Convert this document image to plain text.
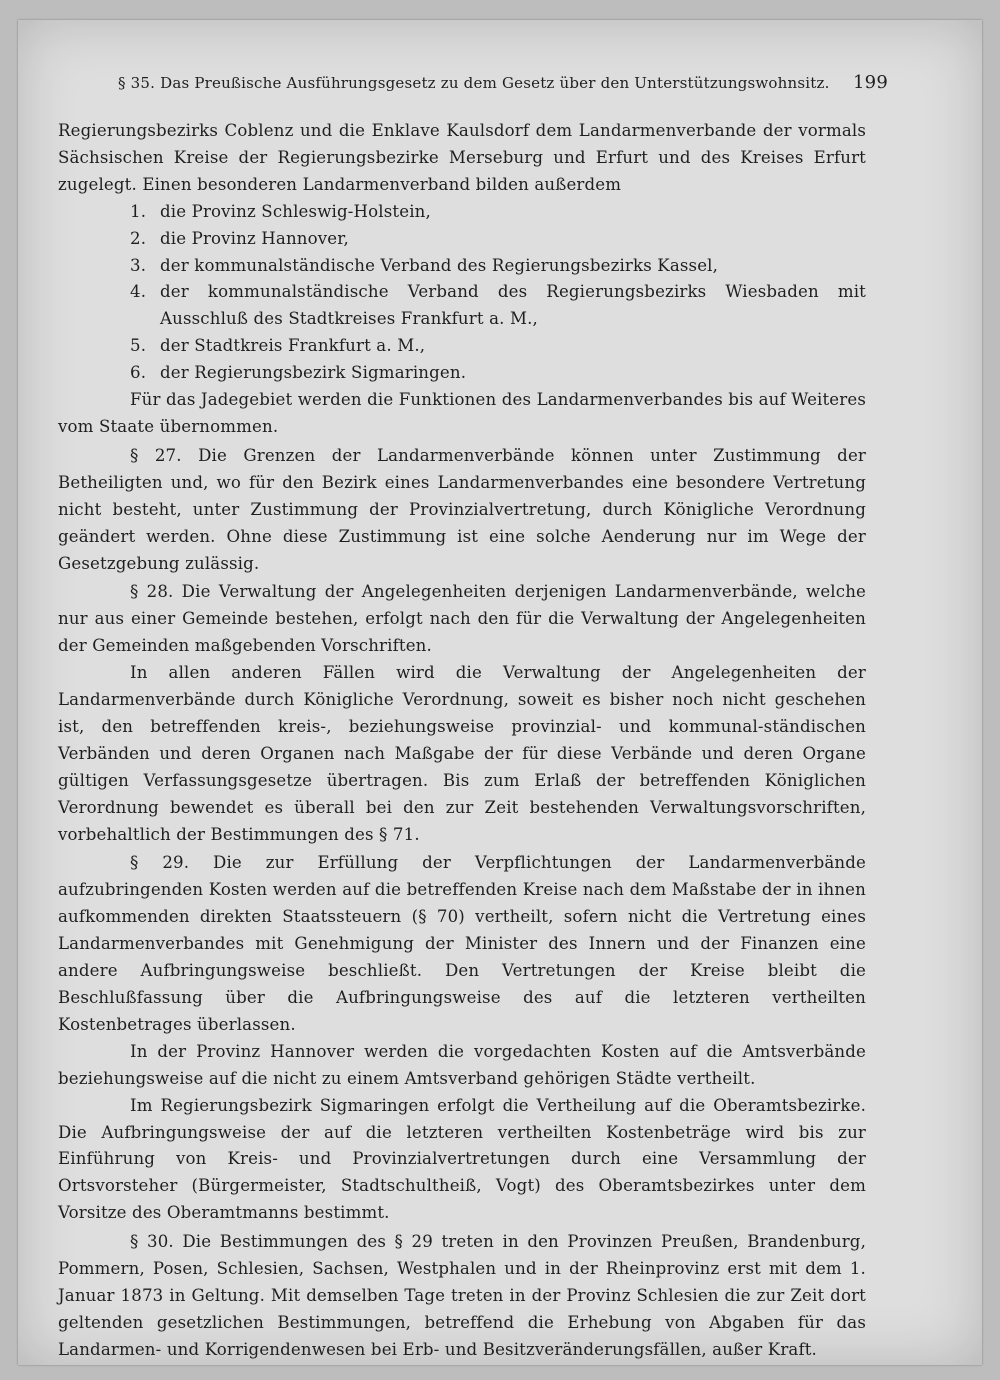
§ 35. Das Preußische Ausführungsgesetz zu dem Gesetz über den Unterstützungswohnsitz. 199

Regierungsbezirks Coblenz und die Enklave Kaulsdorf dem Landarmenverbande der vormals Sächsischen Kreise der Regierungsbezirke Merseburg und Erfurt und des Kreises Erfurt zugelegt. Einen besonderen Landarmenverband bilden außerdem

1. die Provinz Schleswig-Holstein,
2. die Provinz Hannover,
3. der kommunalständische Verband des Regierungsbezirks Kassel,
4. der kommunalständische Verband des Regierungsbezirks Wiesbaden mit Ausschluß des Stadtkreises Frankfurt a. M.,
5. der Stadtkreis Frankfurt a. M.,
6. der Regierungsbezirk Sigmaringen.

Für das Jadegebiet werden die Funktionen des Landarmenverbandes bis auf Weiteres vom Staate übernommen.

§ 27. Die Grenzen der Landarmenverbände können unter Zustimmung der Betheiligten und, wo für den Bezirk eines Landarmenverbandes eine besondere Vertretung nicht besteht, unter Zustimmung der Provinzialvertretung, durch Königliche Verordnung geändert werden. Ohne diese Zustimmung ist eine solche Aenderung nur im Wege der Gesetzgebung zulässig.

§ 28. Die Verwaltung der Angelegenheiten derjenigen Landarmenverbände, welche nur aus einer Gemeinde bestehen, erfolgt nach den für die Verwaltung der Angelegenheiten der Gemeinden maßgebenden Vorschriften.

In allen anderen Fällen wird die Verwaltung der Angelegenheiten der Landarmenverbände durch Königliche Verordnung, soweit es bisher noch nicht geschehen ist, den betreffenden kreis-, beziehungsweise provinzial- und kommunal-ständischen Verbänden und deren Organen nach Maßgabe der für diese Verbände und deren Organe gültigen Verfassungsgesetze übertragen. Bis zum Erlaß der betreffenden Königlichen Verordnung bewendet es überall bei den zur Zeit bestehenden Verwaltungsvorschriften, vorbehaltlich der Bestimmungen des § 71.

§ 29. Die zur Erfüllung der Verpflichtungen der Landarmenverbände aufzubringenden Kosten werden auf die betreffenden Kreise nach dem Maßstabe der in ihnen aufkommenden direkten Staatssteuern (§ 70) vertheilt, sofern nicht die Vertretung eines Landarmenverbandes mit Genehmigung der Minister des Innern und der Finanzen eine andere Aufbringungsweise beschließt. Den Vertretungen der Kreise bleibt die Beschlußfassung über die Aufbringungsweise des auf die letzteren vertheilten Kostenbetrages überlassen.

In der Provinz Hannover werden die vorgedachten Kosten auf die Amtsverbände beziehungsweise auf die nicht zu einem Amtsverband gehörigen Städte vertheilt.

Im Regierungsbezirk Sigmaringen erfolgt die Vertheilung auf die Oberamtsbezirke. Die Aufbringungsweise der auf die letzteren vertheilten Kostenbeträge wird bis zur Einführung von Kreis- und Provinzialvertretungen durch eine Versammlung der Ortsvorsteher (Bürgermeister, Stadtschultheiß, Vogt) des Oberamtsbezirkes unter dem Vorsitze des Oberamtmanns bestimmt.

§ 30. Die Bestimmungen des § 29 treten in den Provinzen Preußen, Brandenburg, Pommern, Posen, Schlesien, Sachsen, Westphalen und in der Rheinprovinz erst mit dem 1. Januar 1873 in Geltung. Mit demselben Tage treten in der Provinz Schlesien die zur Zeit dort geltenden gesetzlichen Bestimmungen, betreffend die Erhebung von Abgaben für das Landarmen- und Korrigendenwesen bei Erb- und Besitzveränderungsfällen, außer Kraft.
